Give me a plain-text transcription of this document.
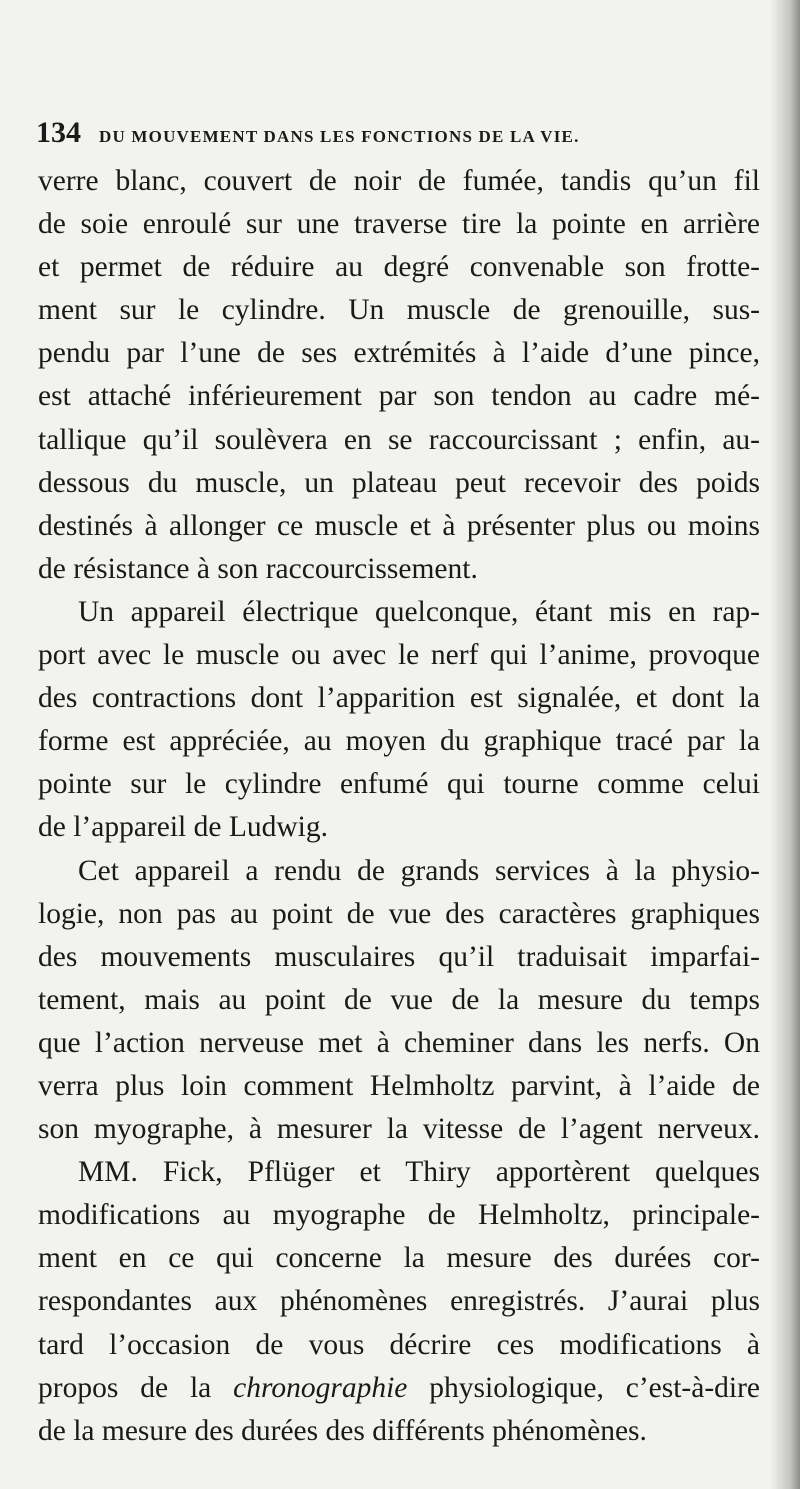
134 DU MOUVEMENT DANS LES FONCTIONS DE LA VIE.
verre blanc, couvert de noir de fumée, tandis qu’un fil
de soie enroulé sur une traverse tire la pointe en arrière
et permet de réduire au degré convenable son frotte-
ment sur le cylindre. Un muscle de grenouille, sus-
pendu par l’une de ses extrémités à l’aide d’une pince,
est attaché inférieurement par son tendon au cadre mé-
tallique qu’il soulèvera en se raccourcissant ; enfin, au-
dessous du muscle, un plateau peut recevoir des poids
destinés à allonger ce muscle et à présenter plus ou moins
de résistance à son raccourcissement.
Un appareil électrique quelconque, étant mis en rap-
port avec le muscle ou avec le nerf qui l’anime, provoque
des contractions dont l’apparition est signalée, et dont la
forme est appréciée, au moyen du graphique tracé par la
pointe sur le cylindre enfumé qui tourne comme celui
de l’appareil de Ludwig.
Cet appareil a rendu de grands services à la physio-
logie, non pas au point de vue des caractères graphiques
des mouvements musculaires qu’il traduisait imparfai-
tement, mais au point de vue de la mesure du temps
que l’action nerveuse met à cheminer dans les nerfs. On
verra plus loin comment Helmholtz parvint, à l’aide de
son myographe, à mesurer la vitesse de l’agent nerveux.
MM. Fick, Pflüger et Thiry apportèrent quelques
modifications au myographe de Helmholtz, principale-
ment en ce qui concerne la mesure des durées cor-
respondantes aux phénomènes enregistrés. J’aurai plus
tard l’occasion de vous décrire ces modifications à
propos de la chronographie physiologique, c’est-à-dire
de la mesure des durées des différents phénomènes.
